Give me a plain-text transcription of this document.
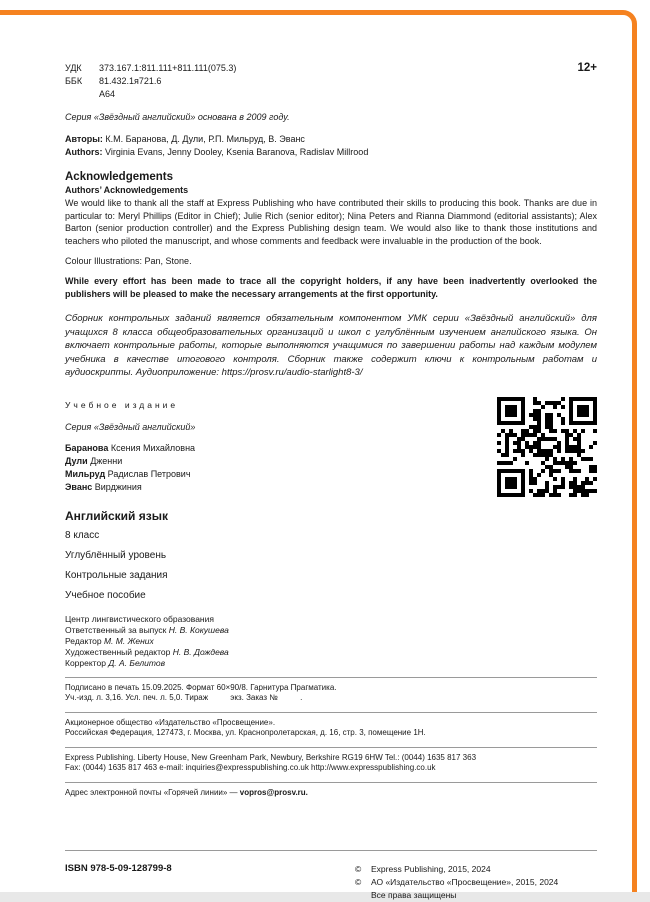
УДК	373.167.1:811.111+811.111(075.3)
ББК	81.432.1я721.6
А64
12+
Серия «Звёздный английский» основана в 2009 году.
Авторы: К.М. Баранова, Д. Дули, Р.П. Мильруд, В. Эванс
Authors: Virginia Evans, Jenny Dooley, Ksenia Baranova, Radislav Millrood
Acknowledgements
Authors’ Acknowledgements
We would like to thank all the staff at Express Publishing who have contributed their skills to producing this book. Thanks are due in particular to: Meryl Phillips (Editor in Chief); Julie Rich (senior editor); Nina Peters and Rianna Diammond (editorial assistants); Alex Barton (senior production controller) and the Express Publishing design team. We would also like to thank those institutions and teachers who piloted the manuscript, and whose comments and feedback were invaluable in the production of the book.
Colour Illustrations: Pan, Stone.
While every effort has been made to trace all the copyright holders, if any have been inadvertently overlooked the publishers will be pleased to make the necessary arrangements at the first opportunity.
Сборник контрольных заданий является обязательным компонентом УМК серии «Звёздный английский» для учащихся 8 класса общеобразовательных организаций и школ с углублённым изучением английского языка. Он включает контрольные работы, которые выполняются учащимися по завершении работы над каждым модулем учебника в качестве итогового контроля. Сборник также содержит ключи к контрольным работам и аудиоскрипты. Аудиоприложение: https://prosv.ru/audio-starlight8-3/
Учебное издание
Серия «Звёздный английский»
Баранова Ксения Михайловна
Дули Дженни
Мильруд Радислав Петрович
Эванс Вирджиния
Английский язык
8 класс
Углублённый уровень
Контрольные задания
Учебное пособие
Центр лингвистического образования
Ответственный за выпуск Н. В. Кокушева
Редактор М. М. Жених
Художественный редактор Н. В. Дождева
Корректор Д. А. Белитов
Подписано в печать 15.09.2025. Формат 60×90/8. Гарнитура Прагматика.
Уч.-изд. л. 3,16. Усл. печ. л. 5,0. Тираж          экз. Заказ №          .
Акционерное общество «Издательство «Просвещение».
Российская Федерация, 127473, г. Москва, ул. Краснопролетарская, д. 16, стр. 3, помещение 1Н.
Express Publishing. Liberty House, New Greenham Park, Newbury, Berkshire RG19 6HW Tel.: (0044) 1635 817 363
Fax: (0044) 1635 817 463 e-mail: inquiries@expresspublishing.co.uk http://www.expresspublishing.co.uk
Адрес электронной почты «Горячей линии» — vopros@prosv.ru.
ISBN 978-5-09-128799-8	©	Express Publishing, 2015, 2024
©	АО «Издательство «Просвещение», 2015, 2024
Все права защищены
